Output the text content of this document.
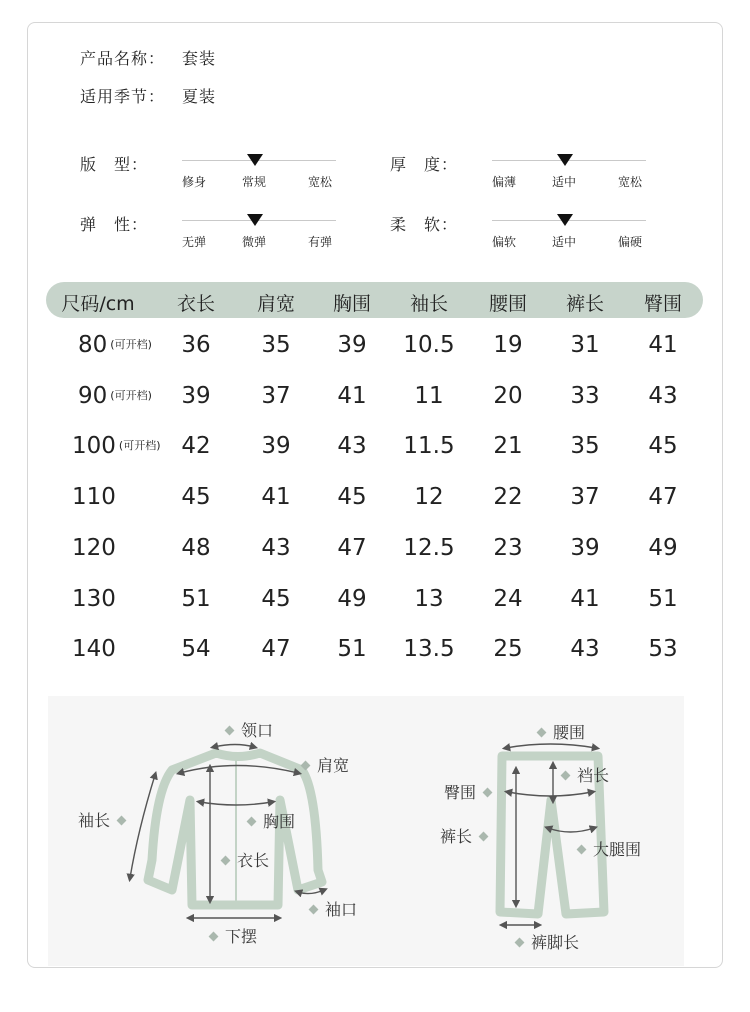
产品名称： 套装
适用季节： 夏装
版　型：
修身	常规	宽松
厚　度：
偏薄	适中	宽松
弹　性：
无弹	微弹	有弹
柔　软：
偏软	适中	偏硬
尺码/cm 衣长 肩宽 胸围 袖长 腰围 裤长 臀围
80 (可开档) 36 35 39 10.5 19 31 41
90 (可开档) 39 37 41 11 20 33 43
100 (可开档) 42 39 43 11.5 21 35 45
110	45 41 45 12 22 37 47
120	48 43 47 12.5 23 39 49
130	51 45 49 13 24 41 51
140	54 47 51 13.5 25 43 53
领口
肩宽
袖长	胸围
衣长
袖口
下摆
腰围
裆长
臀围
裤长
大腿围
裤脚长
